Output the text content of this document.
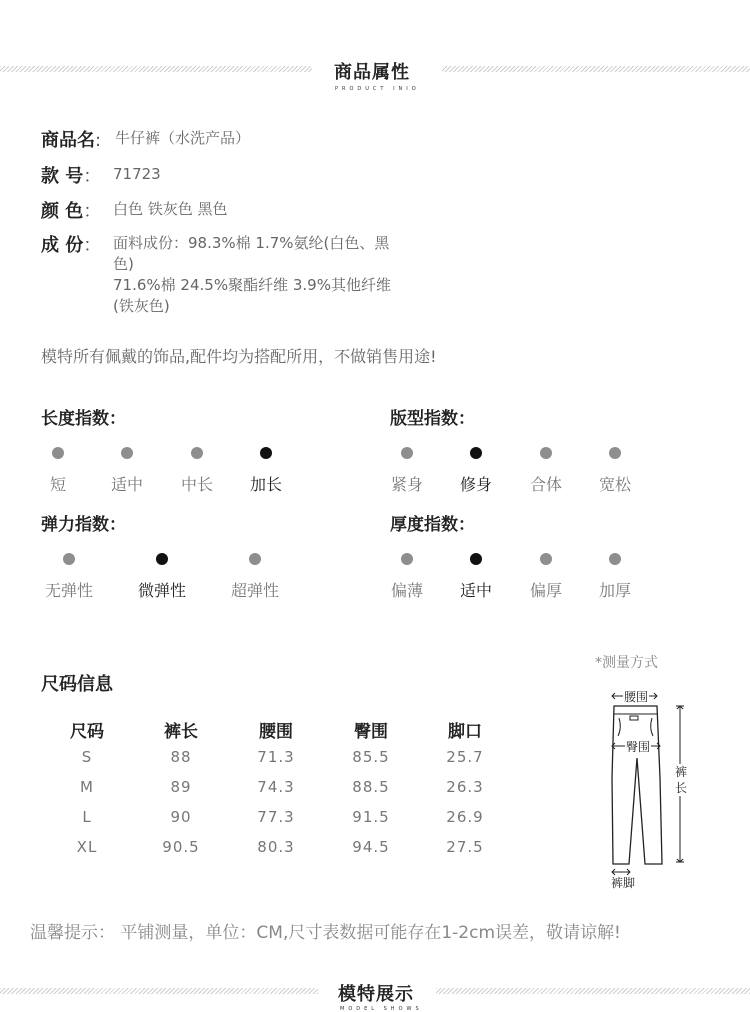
商品属性
PRODUCT INIO
商品名: 牛仔裤（水洗产品）
款 号： 71723
颜 色： 白色 铁灰色 黑色
成 份： 面料成份：98.3%棉 1.7%氨纶(白色、黑
色)
71.6%棉 24.5%聚酯纤维 3.9%其他纤维
(铁灰色)
模特所有佩戴的饰品,配件均为搭配所用，不做销售用途!
长度指数：
短	适中	中长	加长
版型指数：
紧身	修身	合体	宽松
弹力指数：
无弹性	微弹性	超弹性
厚度指数：
偏薄	适中	偏厚	加厚
尺码信息
*测量方式
尺码	裤长	腰围	臀围	脚口
S	88	71.3	85.5	25.7
M	89	74.3	88.5	26.3
L	90	77.3	91.5	26.9
XL	90.5	80.3	94.5	27.5
腰围
臀围
裤
长
裤脚
温馨提示： 平铺测量，单位：CM,尺寸表数据可能存在1-2cm误差，敬请谅解!
模特展示
MODEL SHOWS
